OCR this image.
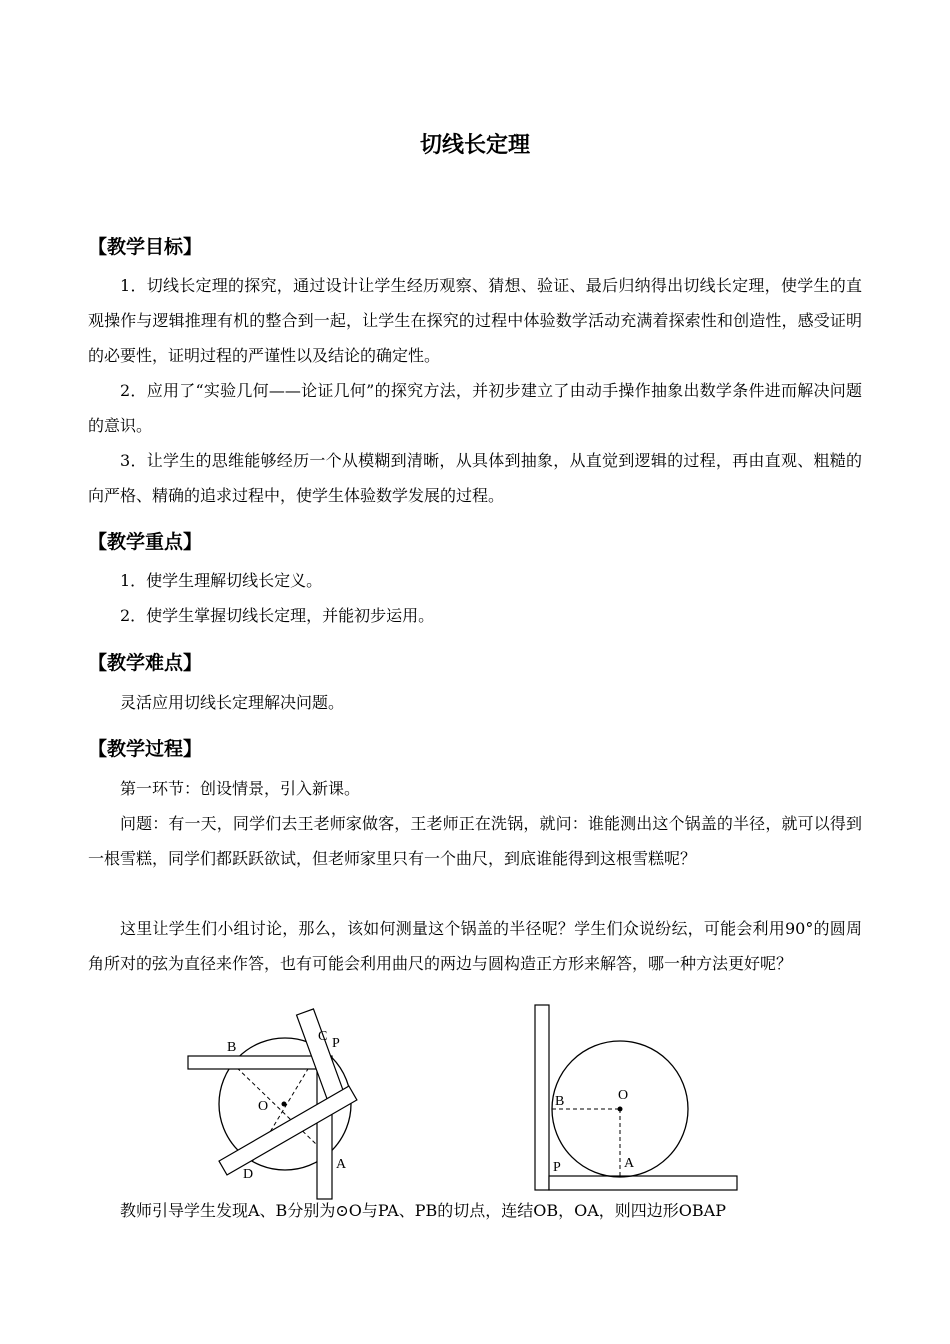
切线长定理
【教学目标】

1．切线长定理的探究，通过设计让学生经历观察、猜想、验证、最后归纳得出切线长定理，使学生的直观操作与逻辑推理有机的整合到一起，让学生在探究的过程中体验数学活动充满着探索性和创造性，感受证明的必要性，证明过程的严谨性以及结论的确定性。

2．应用了“实验几何——论证几何”的探究方法，并初步建立了由动手操作抽象出数学条件进而解决问题的意识。

3．让学生的思维能够经历一个从模糊到清晰，从具体到抽象，从直觉到逻辑的过程，再由直观、粗糙的向严格、精确的追求过程中，使学生体验数学发展的过程。

【教学重点】

1．使学生理解切线长定义。

2．使学生掌握切线长定理，并能初步运用。

【教学难点】

灵活应用切线长定理解决问题。

【教学过程】

第一环节：创设情景，引入新课。

问题：有一天，同学们去王老师家做客，王老师正在洗锅，就问：谁能测出这个锅盖的半径，就可以得到一根雪糕，同学们都跃跃欲试，但老师家里只有一个曲尺，到底谁能得到这根雪糕呢？

这里让学生们小组讨论，那么，该如何测量这个锅盖的半径呢？学生们众说纷纭，可能会利用90°的圆周角所对的弦为直径来作答，也有可能会利用曲尺的两边与圆构造正方形来解答，哪一种方法更好呢？

B
C P
O
D
A
O
B
A
P

教师引导学生发现A、B分别为⊙O与PA、PB的切点，连结OB，OA，则四边形OBAP
